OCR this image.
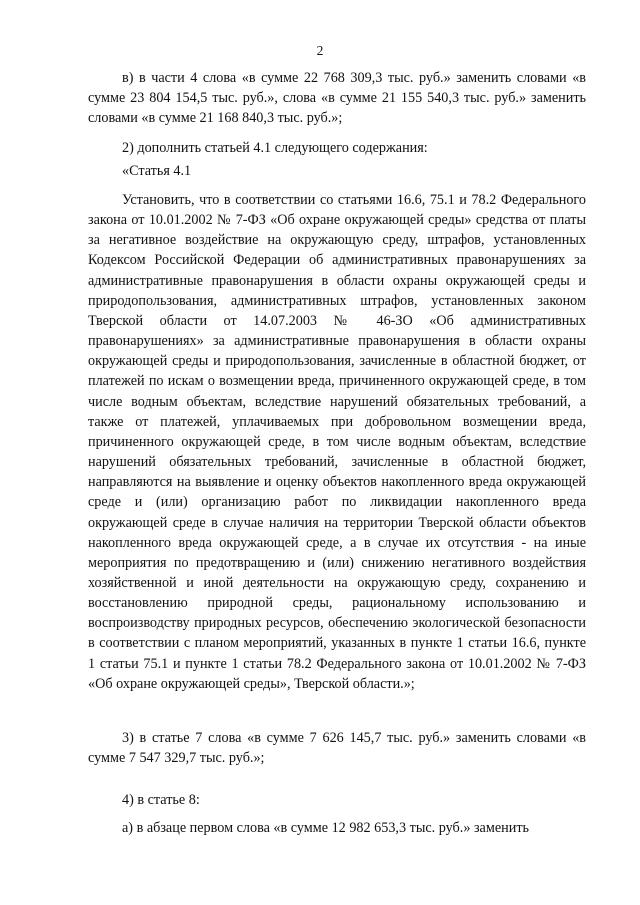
2

в) в части 4 слова «в сумме 22 768 309,3 тыс. руб.» заменить словами «в сумме 23 804 154,5 тыс. руб.», слова «в сумме 21 155 540,3 тыс. руб.» заменить словами «в сумме 21 168 840,3 тыс. руб.»;

2) дополнить статьей 4.1 следующего содержания:

«Статья 4.1

Установить, что в соответствии со статьями 16.6, 75.1 и 78.2 Федерального закона от 10.01.2002 № 7-ФЗ «Об охране окружающей среды» средства от платы за негативное воздействие на окружающую среду, штрафов, установленных Кодексом Российской Федерации об административных правонарушениях за административные правонарушения в области охраны окружающей среды и природопользования, административных штрафов, установленных законом Тверской области от 14.07.2003 № 46-ЗО «Об административных правонарушениях» за административные правонарушения в области охраны окружающей среды и природопользования, зачисленные в областной бюджет, от платежей по искам о возмещении вреда, причиненного окружающей среде, в том числе водным объектам, вследствие нарушений обязательных требований, а также от платежей, уплачиваемых при добровольном возмещении вреда, причиненного окружающей среде, в том числе водным объектам, вследствие нарушений обязательных требований, зачисленные в областной бюджет, направляются на выявление и оценку объектов накопленного вреда окружающей среде и (или) организацию работ по ликвидации накопленного вреда окружающей среде в случае наличия на территории Тверской области объектов накопленного вреда окружающей среде, а в случае их отсутствия - на иные мероприятия по предотвращению и (или) снижению негативного воздействия хозяйственной и иной деятельности на окружающую среду, сохранению и восстановлению природной среды, рациональному использованию и воспроизводству природных ресурсов, обеспечению экологической безопасности в соответствии с планом мероприятий, указанных в пункте 1 статьи 16.6, пункте 1 статьи 75.1 и пункте 1 статьи 78.2 Федерального закона от 10.01.2002 № 7-ФЗ «Об охране окружающей среды», Тверской области.»;

3) в статье 7 слова «в сумме 7 626 145,7 тыс. руб.» заменить словами «в сумме 7 547 329,7 тыс. руб.»;

4) в статье 8:

а) в абзаце первом слова «в сумме 12 982 653,3 тыс. руб.» заменить
